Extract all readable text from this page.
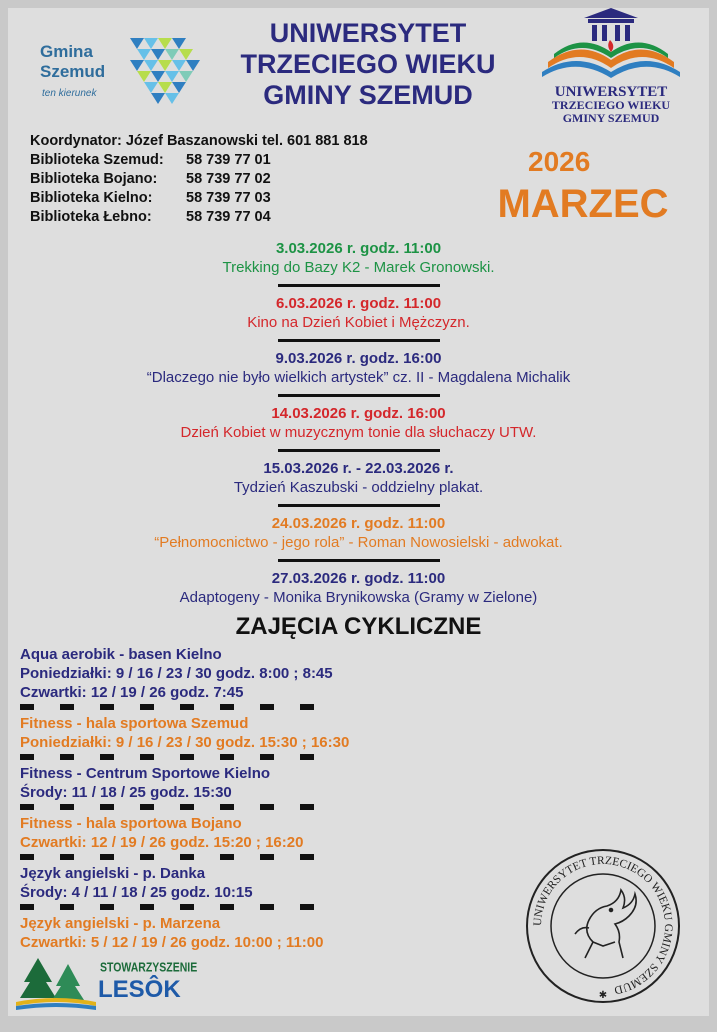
Gmina
Szemud
ten kierunek
UNIWERSYTET
TRZECIEGO WIEKU
GMINY SZEMUD	UNIWERSYTET
TRZECIEGO WIEKU
GMINY SZEMUD
Koordynator: Józef Baszanowski tel. 601 881 818
Biblioteka Szemud: 58 739 77 01
Biblioteka Bojano: 58 739 77 02
Biblioteka Kielno: 58 739 77 03
Biblioteka Łebno: 58 739 77 04
2026
MARZEC
3.03.2026 r. godz. 11:00
Trekking do Bazy K2 - Marek Gronowski.
6.03.2026 r. godz. 11:00
Kino na Dzień Kobiet i Mężczyzn.
9.03.2026 r. godz. 16:00
“Dlaczego nie było wielkich artystek” cz. II - Magdalena Michalik
14.03.2026 r. godz. 16:00
Dzień Kobiet w muzycznym tonie dla słuchaczy UTW.
15.03.2026 r. - 22.03.2026 r.
Tydzień Kaszubski - oddzielny plakat.
24.03.2026 r. godz. 11:00
“Pełnomocnictwo - jego rola” - Roman Nowosielski - adwokat.
27.03.2026 r. godz. 11:00
Adaptogeny - Monika Brynikowska (Gramy w Zielone)
ZAJĘCIA CYKLICZNE
Aqua aerobik - basen Kielno
Poniedziałki: 9 / 16 / 23 / 30 godz. 8:00 ; 8:45
Czwartki: 12 / 19 / 26 godz. 7:45
Fitness - hala sportowa Szemud
Poniedziałki: 9 / 16 / 23 / 30 godz. 15:30 ; 16:30
Fitness - Centrum Sportowe Kielno
Środy: 11 / 18 / 25 godz. 15:30
Fitness - hala sportowa Bojano
Czwartki: 12 / 19 / 26 godz. 15:20 ; 16:20
Język angielski - p. Danka
Środy: 4 / 11 / 18 / 25 godz. 10:15
Język angielski - p. Marzena
Czwartki: 5 / 12 / 19 / 26 godz. 10:00 ; 11:00
UNIWERSYTET TRZECIEGO WIEKU GMINY SZEMUD
✱
STOWARZYSZENIE
LESÔK
